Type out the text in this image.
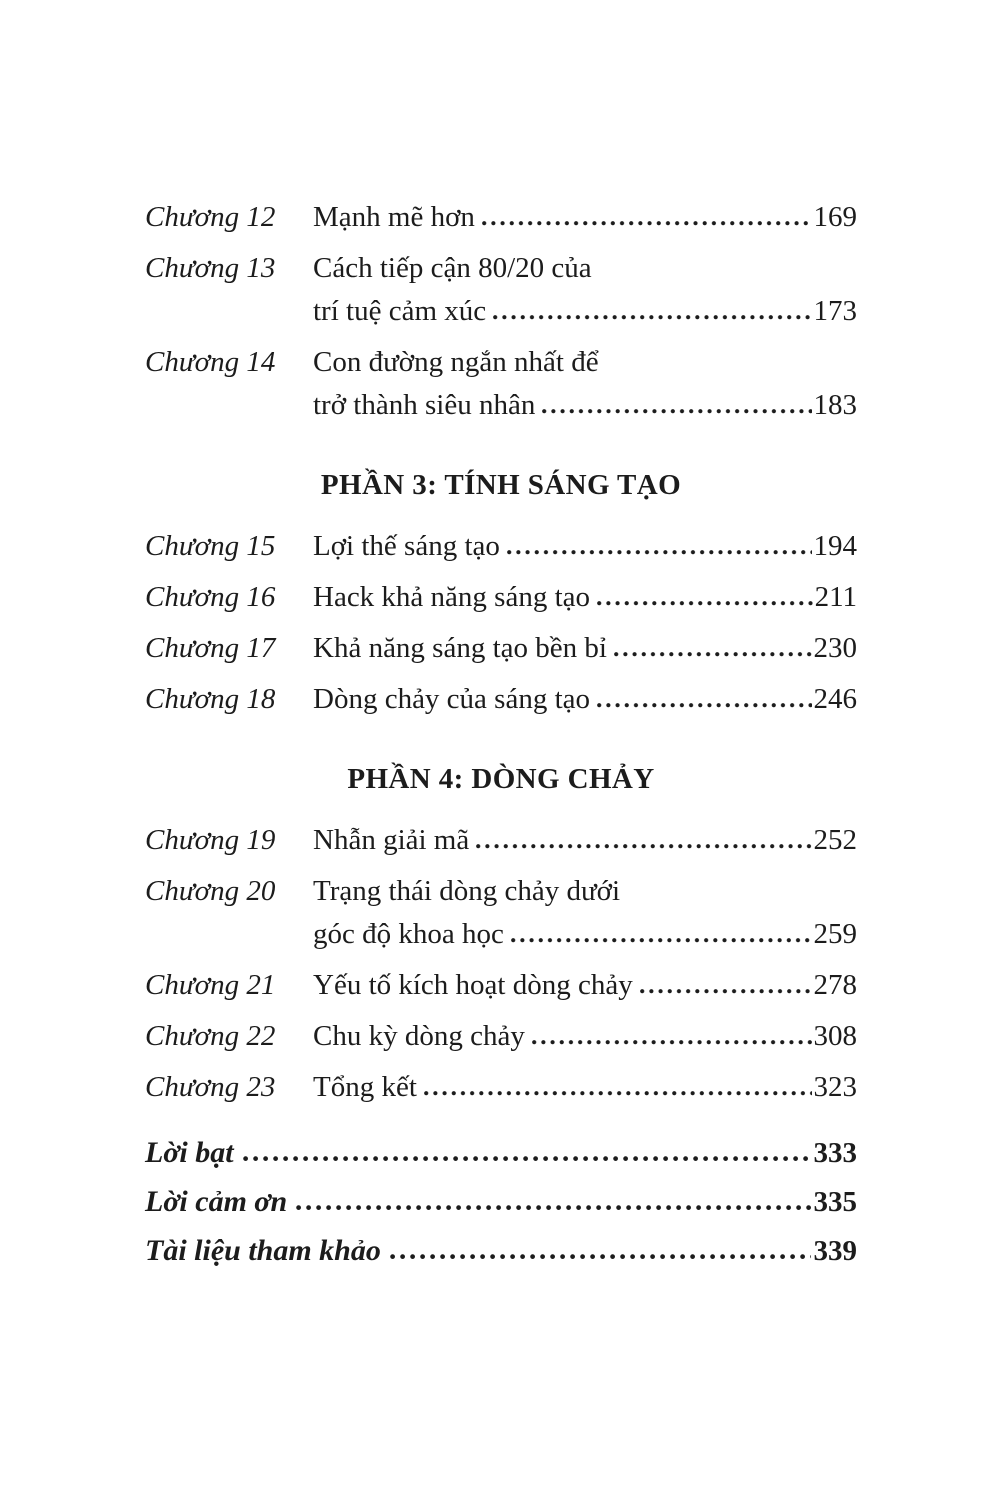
Chương 12	Mạnh mẽ hơn	169
Chương 13	Cách tiếp cận 80/20 của
trí tuệ cảm xúc	173
Chương 14	Con đường ngắn nhất để
trở thành siêu nhân	183
PHẦN 3: TÍNH SÁNG TẠO
Chương 15	Lợi thế sáng tạo	194
Chương 16	Hack khả năng sáng tạo	211
Chương 17	Khả năng sáng tạo bền bỉ	230
Chương 18	Dòng chảy của sáng tạo	246
PHẦN 4: DÒNG CHẢY
Chương 19	Nhẫn giải mã	252
Chương 20	Trạng thái dòng chảy dưới
góc độ khoa học	259
Chương 21	Yếu tố kích hoạt dòng chảy	278
Chương 22	Chu kỳ dòng chảy	308
Chương 23	Tổng kết	323
Lời bạt	333
Lời cảm ơn	335
Tài liệu tham khảo	339
